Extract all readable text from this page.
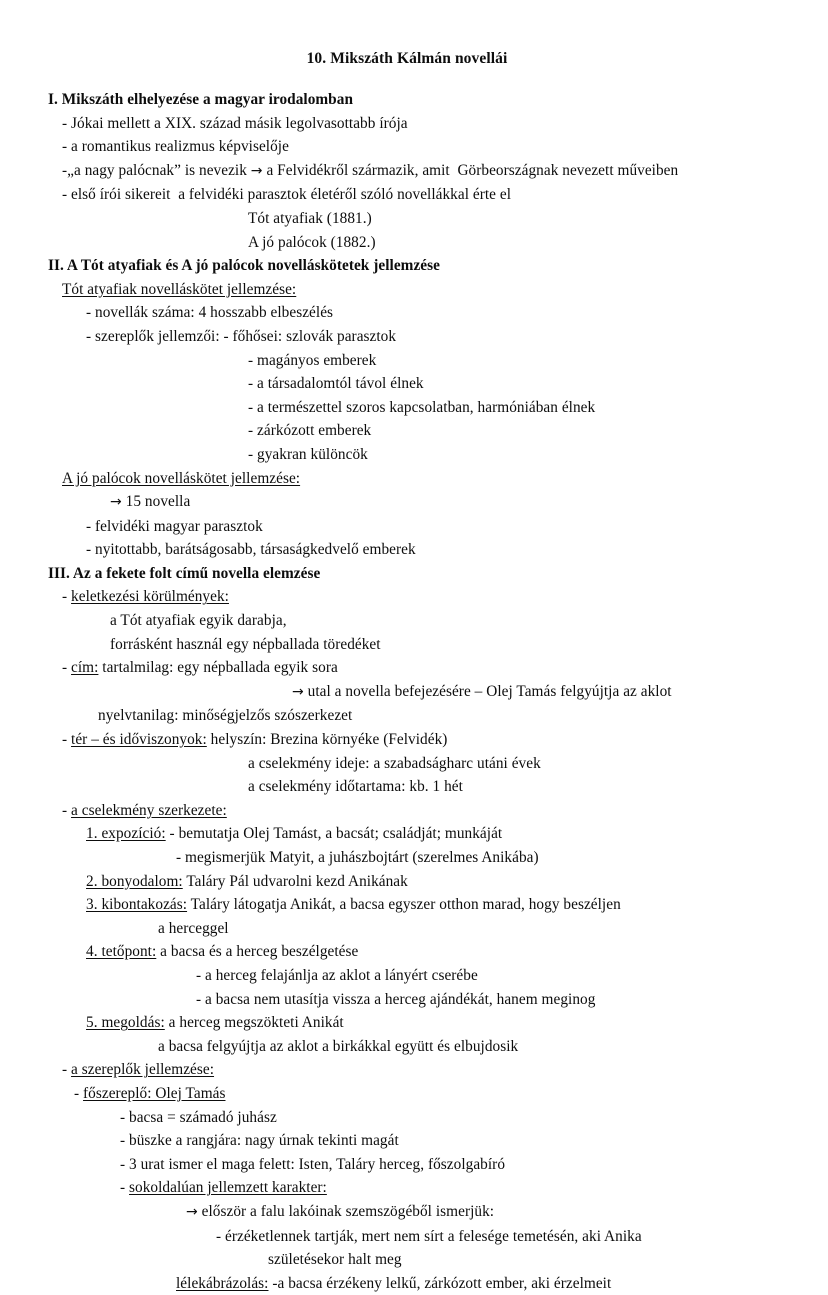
10. Mikszáth Kálmán novellái
I. Mikszáth elhelyezése a magyar irodalomban
- Jókai mellett a XIX. század másik legolvasottabb írója
- a romantikus realizmus képviselője
-„a nagy palócnak” is nevezik → a Felvidékről származik, amit  Görbeországnak nevezett műveiben
- első írói sikereit  a felvidéki parasztok életéről szóló novellákkal érte el
Tót atyafiak (1881.)
A jó palócok (1882.)
II. A Tót atyafiak és A jó palócok novelláskötetek jellemzése
Tót atyafiak novelláskötet jellemzése:
- novellák száma: 4 hosszabb elbeszélés
- szereplők jellemzői: - főhősei: szlovák parasztok
- magányos emberek
- a társadalomtól távol élnek
- a természettel szoros kapcsolatban, harmóniában élnek
- zárkózott emberek
- gyakran különcök
A jó palócok novelláskötet jellemzése:
→ 15 novella
- felvidéki magyar parasztok
- nyitottabb, barátságosabb, társaságkedvelő emberek
III. Az a fekete folt című novella elemzése
- keletkezési körülmények:
a Tót atyafiak egyik darabja,
forrásként használ egy népballada töredéket
- cím: tartalmilag: egy népballada egyik sora
→ utal a novella befejezésére – Olej Tamás felgyújtja az aklot
nyelvtanilag: minőségjelzős szószerkezet
- tér – és időviszonyok: helyszín: Brezina környéke (Felvidék)
a cselekmény ideje: a szabadságharc utáni évek
a cselekmény időtartama: kb. 1 hét
- a cselekmény szerkezete:
1. expozíció: - bemutatja Olej Tamást, a bacsát; családját; munkáját
- megismerjük Matyit, a juhászbojtárt (szerelmes Anikába)
2. bonyodalom: Taláry Pál udvarolni kezd Anikának
3. kibontakozás: Taláry látogatja Anikát, a bacsa egyszer otthon marad, hogy beszéljen
a herceggel
4. tetőpont: a bacsa és a herceg beszélgetése
- a herceg felajánlja az aklot a lányért cserébe
- a bacsa nem utasítja vissza a herceg ajándékát, hanem meginog
5. megoldás: a herceg megszökteti Anikát
a bacsa felgyújtja az aklot a birkákkal együtt és elbujdosik
- a szereplők jellemzése:
- főszereplő: Olej Tamás
- bacsa = számadó juhász
- büszke a rangjára: nagy úrnak tekinti magát
- 3 urat ismer el maga felett: Isten, Taláry herceg, főszolgabíró
- sokoldalúan jellemzett karakter:
→ először a falu lakóinak szemszögéből ismerjük:
- érzéketlennek tartják, mert nem sírt a felesége temetésén, aki Anika
születésekor halt meg
lélekábrázolás: -a bacsa érzékeny lelkű, zárkózott ember, aki érzelmeit
